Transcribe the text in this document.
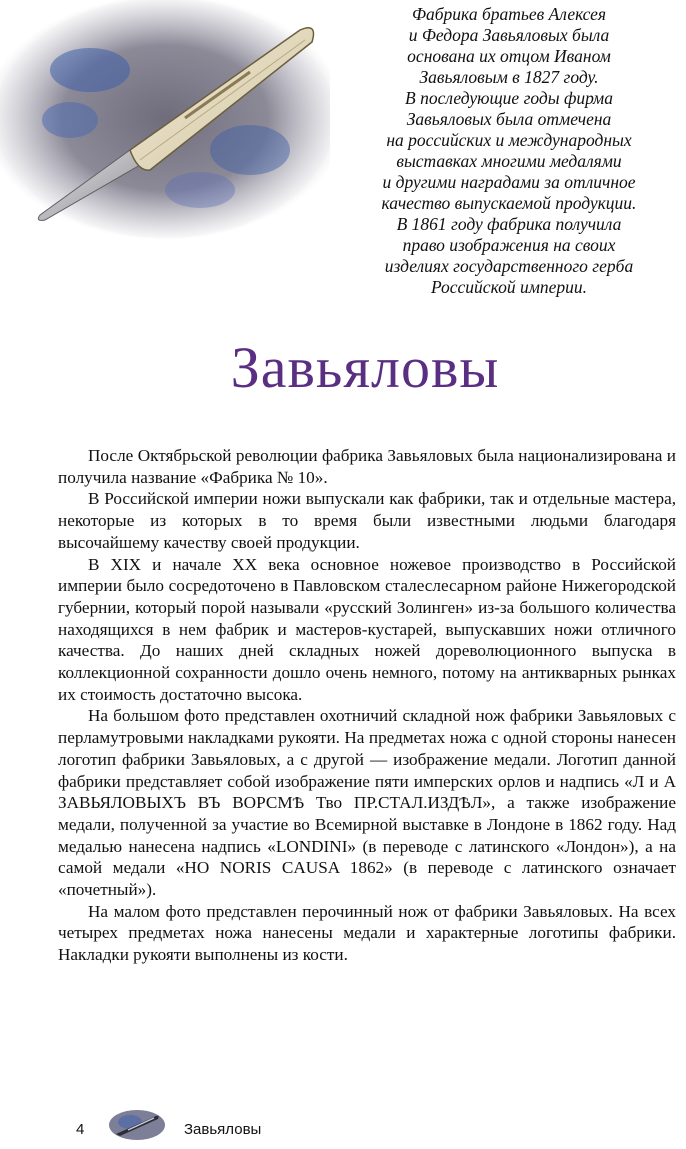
Фабрика братьев Алексея
и Федора Завьяловых была
основана их отцом Иваном
Завьяловым в 1827 году.
В последующие годы фирма
Завьяловых была отмечена
на российских и международных
выставках многими медалями
и другими наградами за отличное
качество выпускаемой продукции.
В 1861 году фабрика получила
право изображения на своих
изделиях государственного герба
Российской империи.
Завьяловы

После Октябрьской революции фабрика Завьяловых была национализирована и получила название «Фабрика № 10».

В Российской империи ножи выпускали как фабрики, так и отдельные мастера, некоторые из которых в то время были известными людьми благодаря высочайшему качеству своей продукции.

В XIX и начале XX века основное ножевое производство в Российской империи было сосредоточено в Павловском сталеслесарном районе Нижегородской губернии, который порой называли «русский Золинген» из-за большого количества находящихся в нем фабрик и мастеров-кустарей, выпускавших ножи отличного качества. До наших дней складных ножей дореволюционного выпуска в коллекционной сохранности дошло очень немного, потому на антикварных рынках их стоимость достаточно высока.

На большом фото представлен охотничий складной нож фабрики Завьяловых с перламутровыми накладками рукояти. На предметах ножа с одной стороны нанесен логотип фабрики Завьяловых, а с другой — изображение медали. Логотип данной фабрики представляет собой изображение пяти имперских орлов и надпись «Л и А ЗАВЬЯЛОВЫХЪ ВЪ ВОРСМѢ Тво ПР.СТАЛ.ИЗДѢЛ», а также изображение медали, полученной за участие во Всемирной выставке в Лондоне в 1862 году. Над медалью нанесена надпись «LONDINI» (в переводе с латинского «Лондон»), а на самой медали «HO NORIS CAUSA 1862» (в переводе с латинского означает «почетный»).

На малом фото представлен перочинный нож от фабрики Завьяловых. На всех четырех предметах ножа нанесены медали и характерные логотипы фабрики. Накладки рукояти выполнены из кости.

4	Завьяловы
